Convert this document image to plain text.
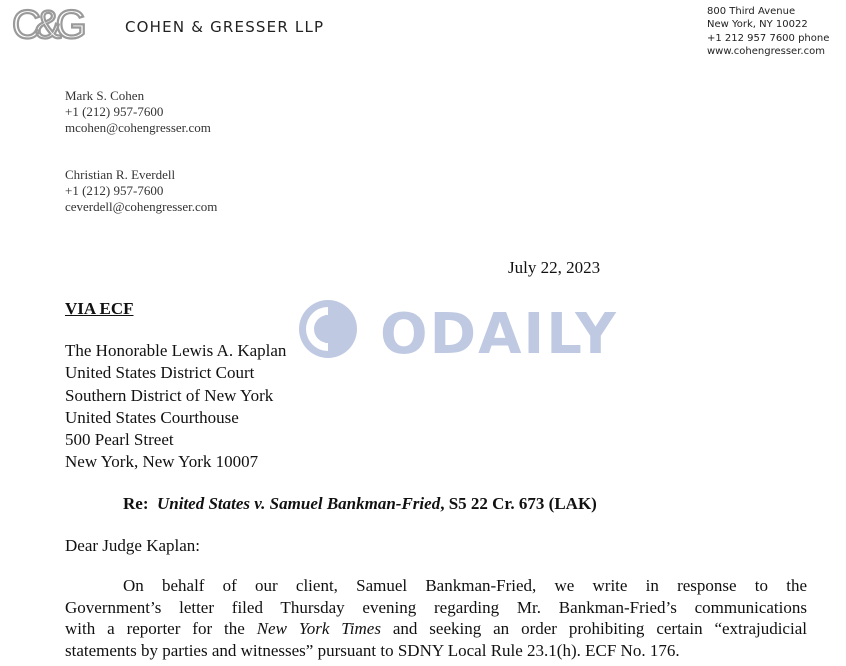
C&G	COHEN & GRESSER LLP
800 Third Avenue
New York, NY 10022
+1 212 957 7600 phone
www.cohengresser.com
Mark S. Cohen
+1 (212) 957-7600
mcohen@cohengresser.com
Christian R. Everdell
+1 (212) 957-7600
ceverdell@cohengresser.com
July 22, 2023
VIA ECF
The Honorable Lewis A. Kaplan
United States District Court
Southern District of New York
United States Courthouse
500 Pearl Street
New York, New York 10007
Re: United States v. Samuel Bankman-Fried, S5 22 Cr. 673 (LAK)
Dear Judge Kaplan:
On behalf of our client, Samuel Bankman-Fried, we write in response to the
Government’s letter filed Thursday evening regarding Mr. Bankman-Fried’s communications
with a reporter for the New York Times and seeking an order prohibiting certain “extrajudicial
statements by parties and witnesses” pursuant to SDNY Local Rule 23.1(h). ECF No. 176.
ODAILY
